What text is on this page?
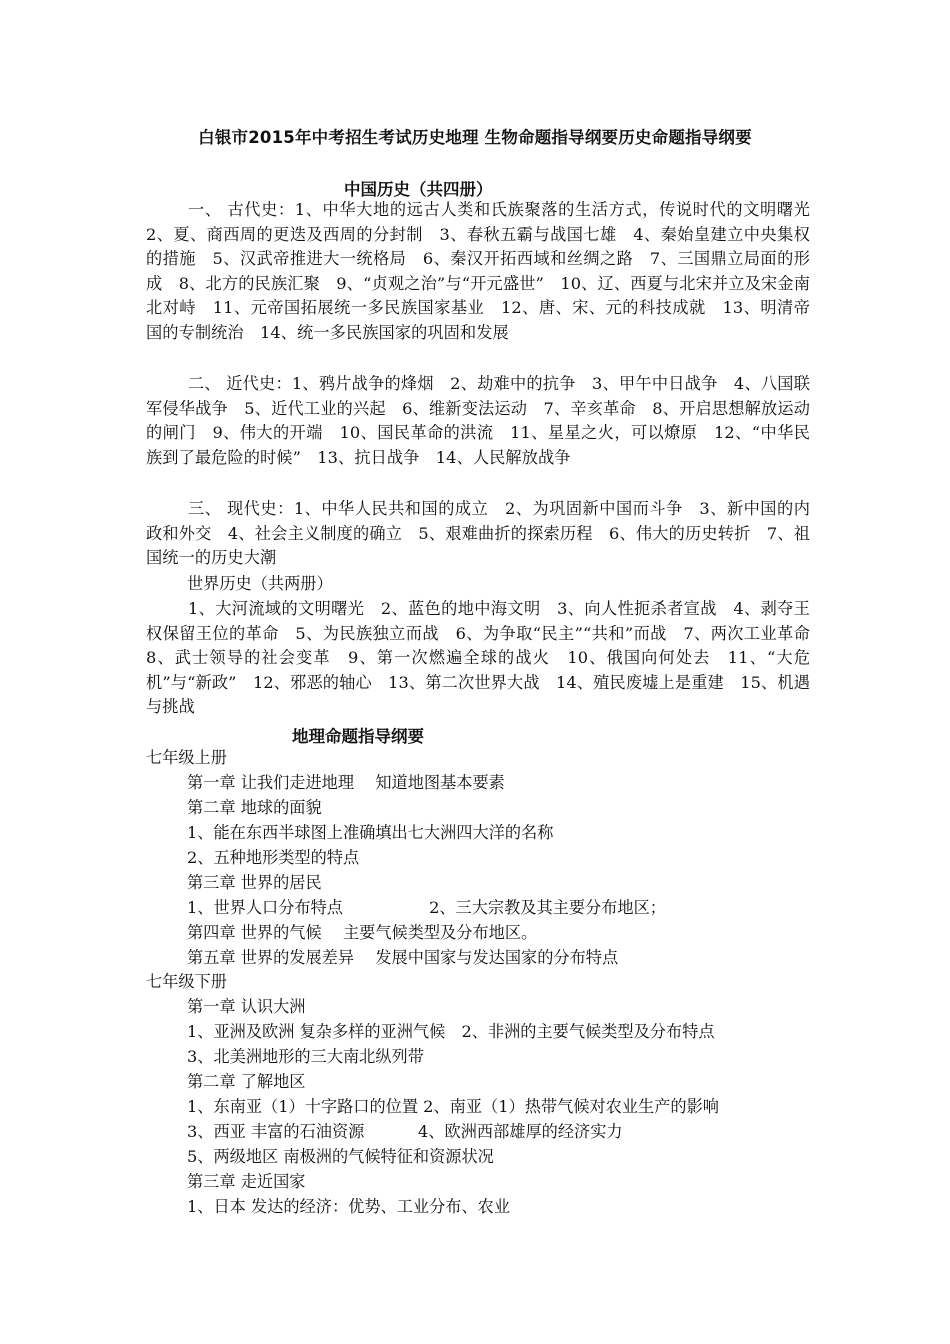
白银市2015年中考招生考试历史地理 生物命题指导纲要历史命题指导纲要
中国历史（共四册）
一、 古代史：1、中华大地的远古人类和氏族聚落的生活方式，传说时代的文明曙光　2、夏、商西周的更迭及西周的分封制　3、春秋五霸与战国七雄　4、秦始皇建立中央集权的措施　5、汉武帝推进大一统格局　6、秦汉开拓西域和丝绸之路　7、三国鼎立局面的形成　8、北方的民族汇聚　9、“贞观之治”与“开元盛世”　10、辽、西夏与北宋并立及宋金南北对峙　11、元帝国拓展统一多民族国家基业　12、唐、宋、元的科技成就　13、明清帝国的专制统治　14、统一多民族国家的巩固和发展
二、 近代史：1、鸦片战争的烽烟　2、劫难中的抗争　3、甲午中日战争　4、八国联军侵华战争　5、近代工业的兴起　6、维新变法运动　7、辛亥革命　8、开启思想解放运动的闸门　9、伟大的开端　10、国民革命的洪流　11、星星之火，可以燎原　12、“中华民族到了最危险的时候”　13、抗日战争　14、人民解放战争
三、 现代史：1、中华人民共和国的成立　2、为巩固新中国而斗争　3、新中国的内政和外交　4、社会主义制度的确立　5、艰难曲折的探索历程　6、伟大的历史转折　7、祖国统一的历史大潮
世界历史（共两册）
1、大河流域的文明曙光　2、蓝色的地中海文明　3、向人性扼杀者宣战　4、剥夺王权保留王位的革命　5、为民族独立而战　6、为争取“民主”“共和”而战　7、两次工业革命　8、武士领导的社会变革　9、第一次燃遍全球的战火　10、俄国向何处去　11、“大危机”与“新政”　12、邪恶的轴心　13、第二次世界大战　14、殖民废墟上是重建　15、机遇与挑战
地理命题指导纲要
七年级上册
第一章 让我们走进地理　 知道地图基本要素
第二章 地球的面貌
1、能在东西半球图上准确填出七大洲四大洋的名称
2、五种地形类型的特点
第三章 世界的居民
1、世界人口分布特点　　　　　 2、三大宗教及其主要分布地区；
第四章 世界的气候　 主要气候类型及分布地区。
第五章 世界的发展差异　 发展中国家与发达国家的分布特点
七年级下册
第一章 认识大洲
1、亚洲及欧洲 复杂多样的亚洲气候　2、非洲的主要气候类型及分布特点
3、北美洲地形的三大南北纵列带
第二章 了解地区
1、东南亚（1）十字路口的位置 2、南亚（1）热带气候对农业生产的影响
3、西亚 丰富的石油资源　　　 4、欧洲西部雄厚的经济实力
5、两级地区 南极洲的气候特征和资源状况
第三章 走近国家
1、日本 发达的经济：优势、工业分布、农业
